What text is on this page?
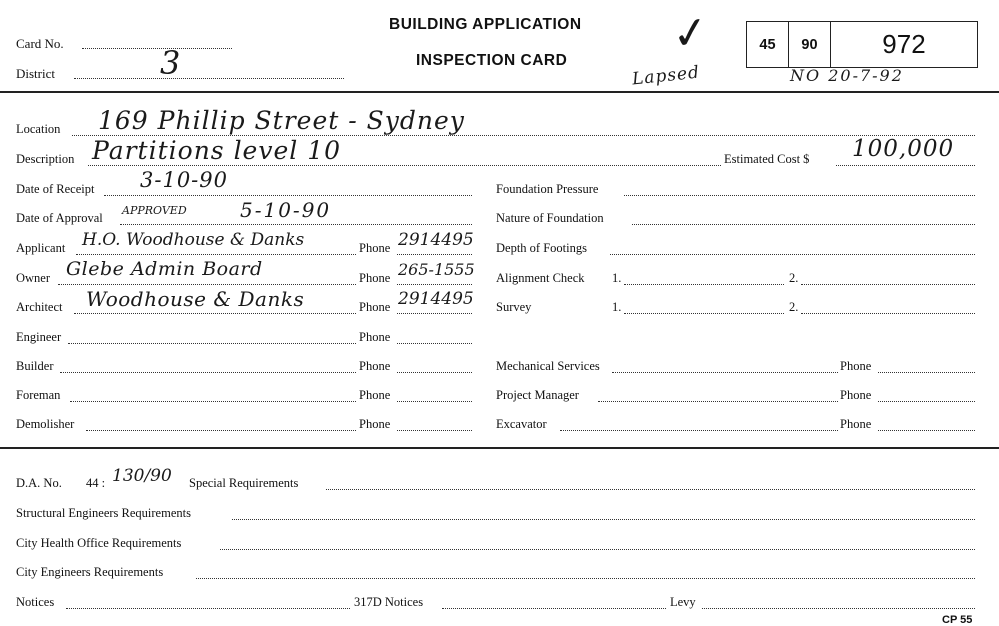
Card No.
District	3
BUILDING APPLICATION
INSPECTION CARD ✓
Lapsed	NO 20-7-92
45	90	972
Location 169 Phillip Street - Sydney
Description Partitions level 10	Estimated Cost $ 100,000
Date of Receipt 3-10-90
Date of Approval
APPROVED	5-10-90
Applicant H.O. Woodhouse & Danks	Phone 2914495
Owner Glebe Admin Board	Phone 265-1555
Architect Woodhouse & Danks	Phone 2914495
Engineer	Phone
Builder	Phone
Foreman	Phone
Demolisher	Phone
Foundation Pressure
Nature of Foundation
Depth of Footings
Alignment Check 1.	2.
Survey	1.	2.
Mechanical Services	Phone
Project Manager	Phone
Excavator	Phone
D.A. No. 44 : 130/90 Special Requirements
Structural Engineers Requirements
City Health Office Requirements
City Engineers Requirements
Notices	317D Notices	Levy
CP 55
